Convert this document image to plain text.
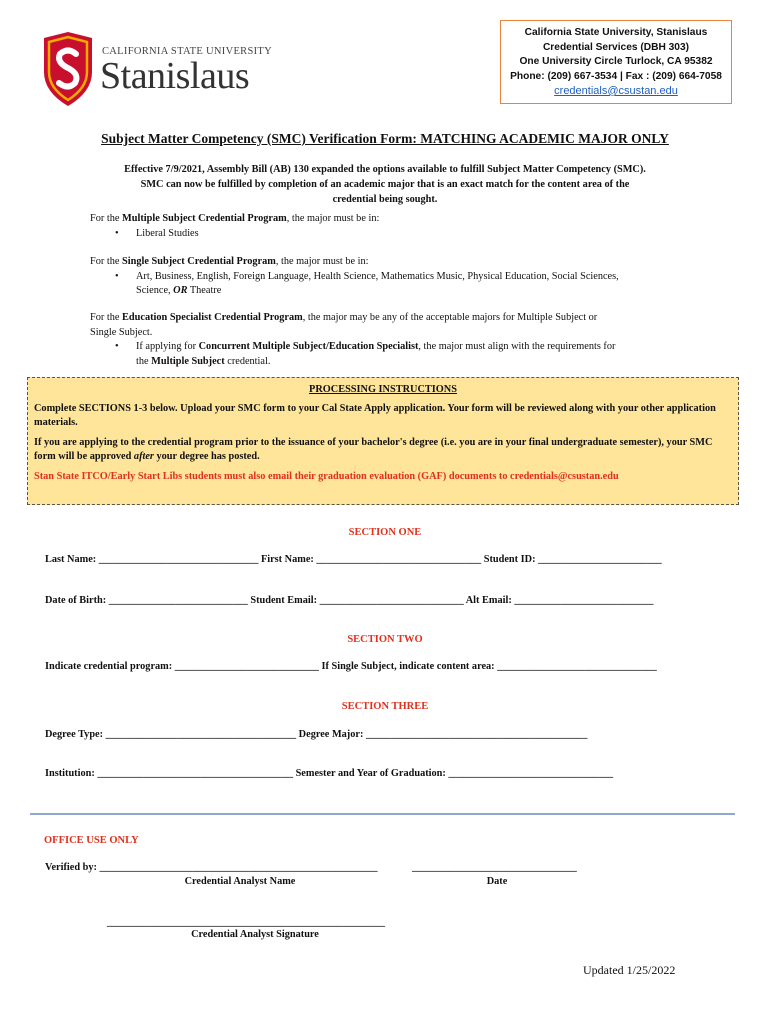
CALIFORNIA STATE UNIVERSITY
Stanislaus
California State University, Stanislaus
Credential Services (DBH 303)
One University Circle Turlock, CA 95382
Phone: (209) 667-3534 | Fax : (209) 664-7058
credentials@csustan.edu
Subject Matter Competency (SMC) Verification Form: MATCHING ACADEMIC MAJOR ONLY
Effective 7/9/2021, Assembly Bill (AB) 130 expanded the options available to fulfill Subject Matter Competency (SMC).
SMC can now be fulfilled by completion of an academic major that is an exact match for the content area of the
credential being sought.
For the Multiple Subject Credential Program, the major must be in:
• Liberal Studies
For the Single Subject Credential Program, the major must be in:
• Art, Business, English, Foreign Language, Health Science, Mathematics Music, Physical Education, Social Sciences,
Science, OR Theatre
For the Education Specialist Credential Program, the major may be any of the acceptable majors for Multiple Subject or
Single Subject.
• If applying for Concurrent Multiple Subject/Education Specialist, the major must align with the requirements for
the Multiple Subject credential.
PROCESSING INSTRUCTIONS

Complete SECTIONS 1-3 below. Upload your SMC form to your Cal State Apply application. Your form will be reviewed along with your other application materials.

If you are applying to the credential program prior to the issuance of your bachelor's degree (i.e. you are in your final undergraduate semester), your SMC form will be approved after your degree has posted.

Stan State ITCO/Early Start Libs students must also email their graduation evaluation (GAF) documents to credentials@csustan.edu

SECTION ONE
Last Name: _______________________________ First Name: ________________________________ Student ID: ________________________
Date of Birth: ___________________________ Student Email: ____________________________ Alt Email: ___________________________
SECTION TWO
Indicate credential program: ____________________________ If Single Subject, indicate content area: _______________________________
SECTION THREE
Degree Type: _____________________________________ Degree Major: ___________________________________________
Institution: ______________________________________ Semester and Year of Graduation: ________________________________
OFFICE USE ONLY
Verified by: ______________________________________________________	________________________________
Credential Analyst Name	Date
______________________________________________________
Credential Analyst Signature
Updated 1/25/2022
